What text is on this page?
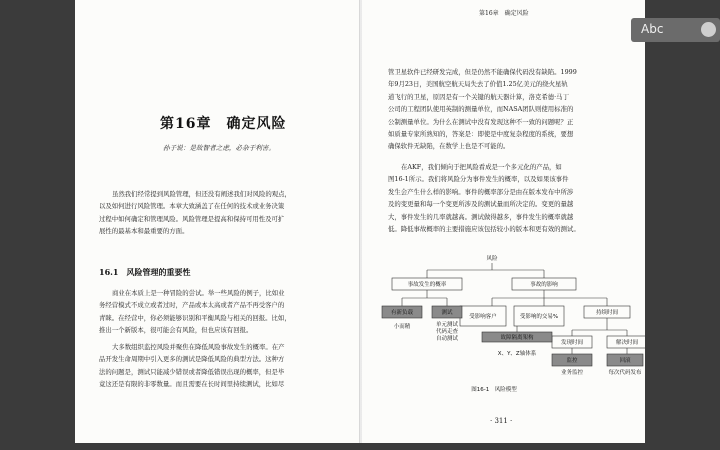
第16章　确定风险
孙子说：是故智者之虑，必杂于利害。
虽然我们经常提到风险管理，但还没有阐述我们对风险的观点，
以及如何进行风险管理。本章大致涵盖了在任何的技术或业务决策
过程中如何确定和管理风险。风险管理是提高和保持可用性及可扩
展性的最基本和最重要的方面。
16.1　风险管理的重要性
商业在本质上是一种冒险的尝试。举一些风险的例子，比如业
务经营模式不成立或者过时，产品或本太高或者产品不再受客户的
青睐。在经营中，你必须能够识别和平衡风险与相关的回报。比如，
推出一个新版本，很可能会有风险，但也应该有回报。
大多数组织监控风险并聚焦在降低风险事故发生的概率。在产
品开发生命周期中引入更多的测试是降低风险的典型方法。这种方
法的问题是，测试只能减少错误或者降低错误出现的概率，但是毕
竟这还是有限的非零数量。而且需要在长时间里持续测试，比如尽
第16章　确定风险
管卫星软件已经研发完成，但是仍然不能确保代码没有缺陷。1999
年9月23日，美国航空航天局失去了价值1.25亿美元的绕火星轨
道飞行的卫星，原因是有一个关键的航天器计算，洛克希德·马丁
公司的工程团队使用英制的测量单位，而NASA团队则使用标准的
公制测量单位。为什么在测试中没有发现这种不一致的问题呢？正
如质量专家所熟知的，答案是：即使是中度复杂程度的系统，要想
确保软件无缺陷，在数学上也是不可能的。
在AKF，我们倾向于把风险看成是一个多元化的产品，如
图16-1所示。我们将风险分为事件发生的概率，以及如果该事件
发生会产生什么样的影响。事件的概率部分是由在版本发布中所涉
及的变更量和每一个变更所涉及的测试量而所决定的。变更的量越
大，事件发生的几率就越高。测试做得越多，事件发生的概率就越
低。降低事故概率的主要措施应该包括较小的版本和更有效的测试。
风险
事故发生的概率	事故的影响
有新负载	测试
小而精	单元测试
代码走查
自动测试
受影响客户	受影响的交易%
持续时间
故障隔离架构
X、Y、Z轴体系
发现时间	解决时间
监控	回滚
业务监控	每次代码发布
图16-1　风险模型
· 311 ·
Abc
